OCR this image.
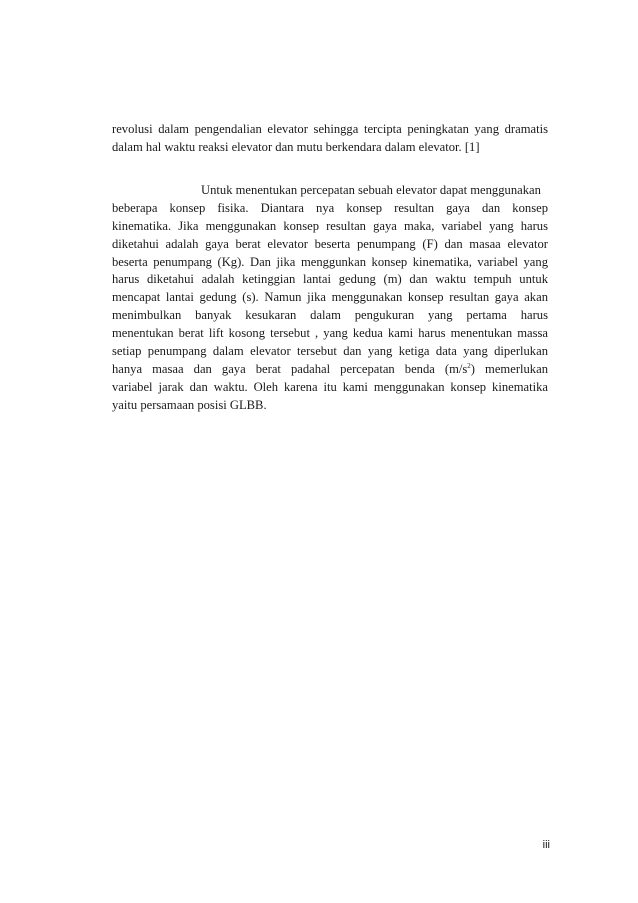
revolusi dalam pengendalian elevator sehingga tercipta peningkatan yang dramatis
dalam hal waktu reaksi elevator dan mutu berkendara dalam elevator. [1]
Untuk menentukan percepatan sebuah elevator dapat menggunakan
beberapa konsep fisika. Diantara nya konsep resultan gaya dan konsep
kinematika. Jika menggunakan konsep resultan gaya maka, variabel yang harus
diketahui adalah gaya berat elevator beserta penumpang (F) dan masaa elevator
beserta penumpang (Kg). Dan jika menggunkan konsep kinematika, variabel yang
harus diketahui adalah ketinggian lantai gedung (m) dan waktu tempuh untuk
mencapat lantai gedung (s). Namun jika menggunakan konsep resultan gaya akan
menimbulkan banyak kesukaran dalam pengukuran yang pertama harus
menentukan berat lift kosong tersebut , yang kedua kami harus menentukan massa
setiap penumpang dalam elevator tersebut dan yang ketiga data yang diperlukan
hanya masaa dan gaya berat padahal percepatan benda $(m/s^2)$ memerlukan
variabel jarak dan waktu. Oleh karena itu kami menggunakan konsep kinematika
yaitu persamaan posisi GLBB.
iii
